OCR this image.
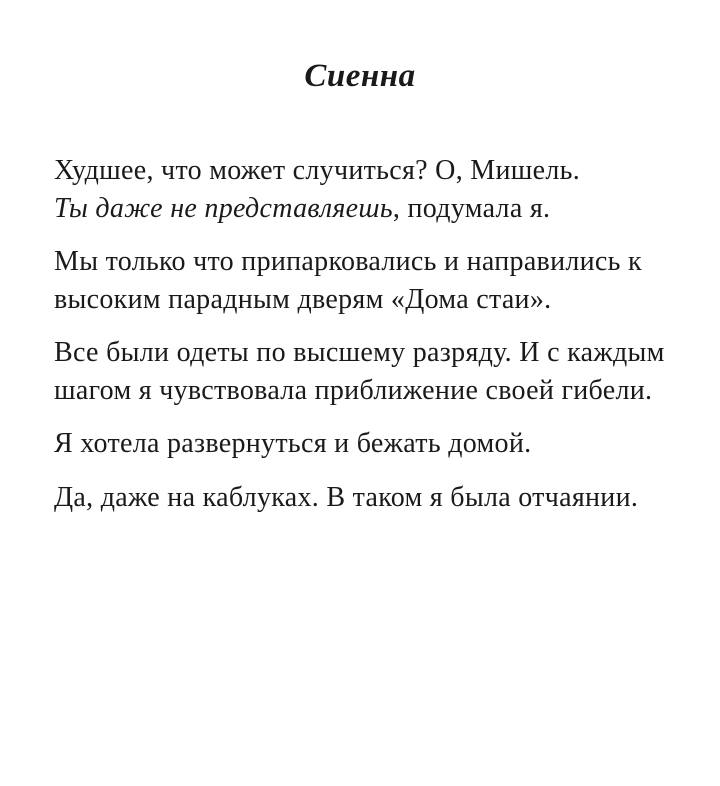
Сиенна

Худшее, что может случиться? О, Мишель.
Ты даже не представляешь, подумала я.

Мы только что припарковались и направились к высоким парадным дверям «Дома стаи».

Все были одеты по высшему разряду. И с каждым шагом я чувствовала приближение своей гибели.

Я хотела развернуться и бежать домой.

Да, даже на каблуках. В таком я была отчаянии.
